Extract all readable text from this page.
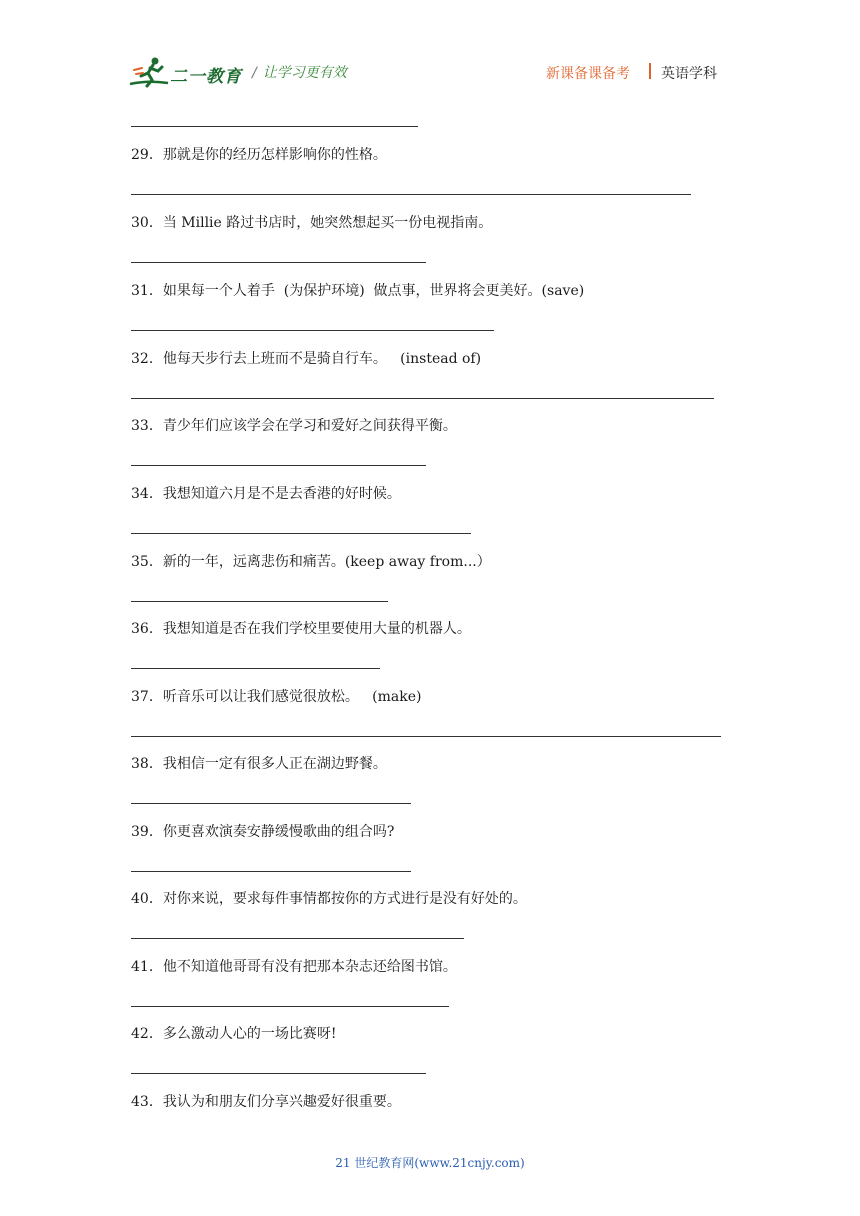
二一教育 / 让学习更有效	新课备课备考 英语学科
29．那就是你的经历怎样影响你的性格。
30．当 Millie 路过书店时，她突然想起买一份电视指南。
31．如果每一个人着手  (为保护环境)  做点事，世界将会更美好。(save)
32．他每天步行去上班而不是骑自行车。   (instead of)
33．青少年们应该学会在学习和爱好之间获得平衡。
34．我想知道六月是不是去香港的好时候。
35．新的一年，远离悲伤和痛苦。(keep away from...）
36．我想知道是否在我们学校里要使用大量的机器人。
37．听音乐可以让我们感觉很放松。   (make)
38．我相信一定有很多人正在湖边野餐。
39．你更喜欢演奏安静缓慢歌曲的组合吗?
40．对你来说，要求每件事情都按你的方式进行是没有好处的。
41．他不知道他哥哥有没有把那本杂志还给图书馆。
42．多么激动人心的一场比赛呀!
43．我认为和朋友们分享兴趣爱好很重要。
21 世纪教育网(www.21cnjy.com)
